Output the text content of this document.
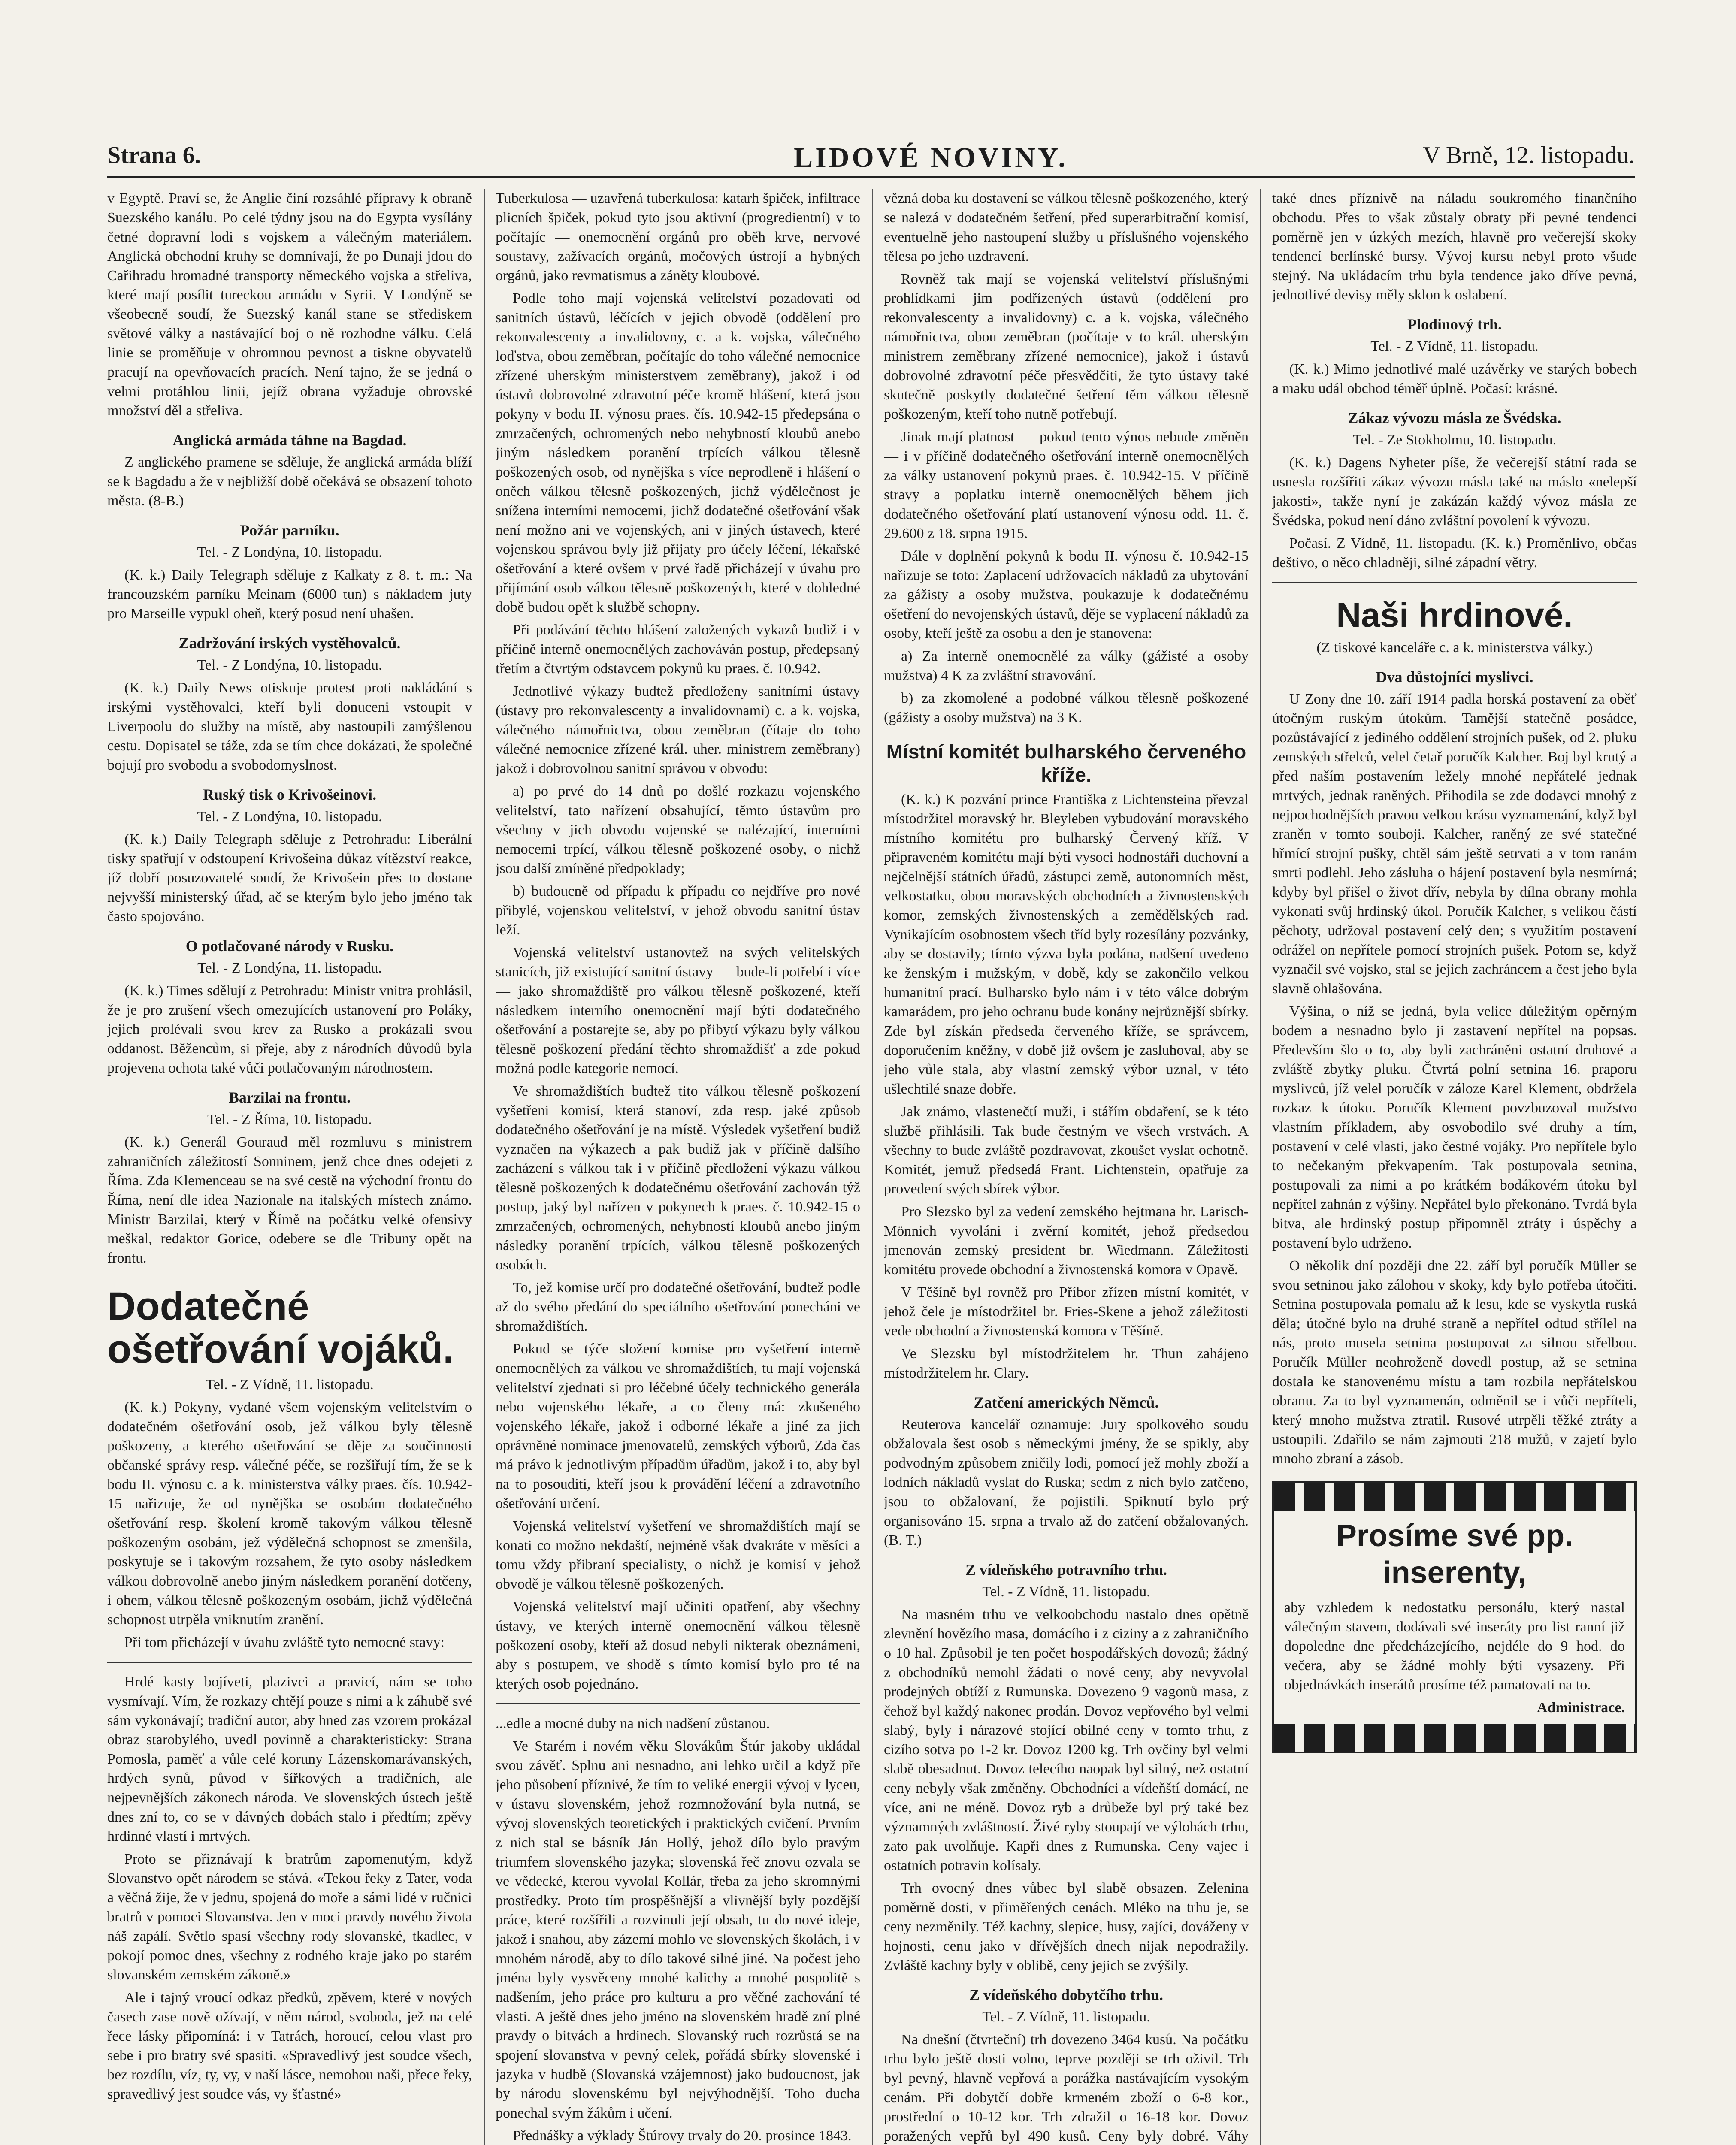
Strana 6.	LIDOVÉ NOVINY.	V Brně, 12. listopadu.

v Egyptě. Praví se, že Anglie činí rozsáhlé přípravy k obraně Suezského kanálu. Po celé týdny jsou na do Egypta vysílány četné dopravní lodi s vojskem a válečným materiálem. Anglická obchodní kruhy se domnívají, že po Dunaji jdou do Cařihradu hromadné transporty německého vojska a střeliva, které mají posílit tureckou armádu v Syrii. V Londýně se všeobecně soudí, že Suezský kanál stane se střediskem světové války a nastávající boj o ně rozhodne válku. Celá linie se proměňuje v ohromnou pevnost a tiskne obyvatelů pracují na opevňovacích pracích. Není tajno, že se jedná o velmi protáhlou linii, jejíž obrana vyžaduje obrovské množství děl a střeliva.

Anglická armáda táhne na Bagdad.

Z anglického pramene se sděluje, že anglická armáda blíží se k Bagdadu a že v nejbližší době očekává se obsazení tohoto města. (8-B.)

Požár parníku.
Tel. - Z Londýna, 10. listopadu.

(K. k.) Daily Telegraph sděluje z Kalkaty z 8. t. m.: Na francouzském parníku Meinam (6000 tun) s nákladem juty pro Marseille vypukl oheň, který posud není uhašen.

Zadržování irských vystěhovalců.
Tel. - Z Londýna, 10. listopadu.

(K. k.) Daily News otiskuje protest proti nakládání s irskými vystěhovalci, kteří byli donuceni vstoupit v Liverpoolu do služby na místě, aby nastoupili zamýšlenou cestu. Dopisatel se táže, zda se tím chce dokázati, že společné bojují pro svobodu a svobodomyslnost.

Ruský tisk o Krivošeinovi.
Tel. - Z Londýna, 10. listopadu.

(K. k.) Daily Telegraph sděluje z Petrohradu: Liberální tisky spatřují v odstoupení Krivošeina důkaz vítězství reakce, jíž dobří posuzovatelé soudí, že Krivošein přes to dostane nejvyšší ministerský úřad, ač se kterým bylo jeho jméno tak často spojováno.

O potlačované národy v Rusku.
Tel. - Z Londýna, 11. listopadu.

(K. k.) Times sdělují z Petrohradu: Ministr vnitra prohlásil, že je pro zrušení všech omezujících ustanovení pro Poláky, jejich prolévali svou krev za Rusko a prokázali svou oddanost. Běžencům, si přeje, aby z národních důvodů byla projevena ochota také vůči potlačovaným národnostem.

Barzilai na frontu.
Tel. - Z Říma, 10. listopadu.

(K. k.) Generál Gouraud měl rozmluvu s ministrem zahraničních záležitostí Sonninem, jenž chce dnes odejeti z Říma. Zda Klemenceau se na své cestě na východní frontu do Říma, není dle idea Nazionale na italských místech známo. Ministr Barzilai, který v Římě na počátku velké ofensivy meškal, redaktor Gorice, odebere se dle Tribuny opět na frontu.

Dodatečné ošetřování vojáků.
Tel. - Z Vídně, 11. listopadu.

(K. k.) Pokyny, vydané všem vojenským velitelstvím o dodatečném ošetřování osob, jež válkou byly tělesně poškozeny, a kterého ošetřování se děje za součinnosti občanské správy resp. válečné péče, se rozšiřují tím, že se k bodu II. výnosu c. a k. ministerstva války praes. čís. 10.942-15 nařizuje, že od nynějška se osobám dodatečného ošetřování resp. školení kromě takovým válkou tělesně poškozeným osobám, jež výdělečná schopnost se zmenšila, poskytuje se i takovým rozsahem, že tyto osoby následkem válkou dobrovolně anebo jiným následkem poranění dotčeny, i ohem, válkou tělesně poškozeným osobám, jichž výdělečná schopnost utrpěla vniknutím zranění.

Při tom přicházejí v úvahu zvláště tyto nemocné stavy:

Hrdé kasty bojíveti, plazivci a pravicí, nám se toho vysmívají. Vím, že rozkazy chtějí pouze s nimi a k záhubě své sám vykonávají; tradiční autor, aby hned zas vzorem prokázal obraz starobylého, uvedl povinně a charakteristicky: Strana Pomosla, paměť a vůle celé koruny Lázenskomarávanských, hrdých synů, původ v šířkových a tradičních, ale nejpevnějších zákonech národa. Ve slovenských ústech ještě dnes zní to, co se v dávných dobách stalo i předtím; zpěvy hrdinné vlastí i mrtvých.

Proto se přiznávají k bratrům zapomenutým, když Slovanstvo opět národem se stává. «Tekou řeky z Tater, voda a věčná žije, že v jednu, spojená do moře a sámi lidé v ručnici bratrů v pomoci Slovanstva. Jen v moci pravdy nového života náš zapálí. Světlo spasí všechny rody slovanské, tkadlec, v pokojí pomoc dnes, všechny z rodného kraje jako po starém slovanském zemském zákoně.»

Ale i tajný vroucí odkaz předků, zpěvem, které v nových časech zase nově ožívají, v něm národ, svoboda, jež na celé řece lásky připomíná: i v Tatrách, horoucí, celou vlast pro sebe i pro bratry své spasiti. «Spravedlivý jest soudce všech, bez rozdílu, víz, ty, vy, v naší lásce, nemohou naši, přece řeky, spravedlivý jest soudce vás, vy šťastné»

Tuberkulosa — uzavřená tuberkulosa: katarh špiček, infiltrace plicních špiček, pokud tyto jsou aktivní (progredientní) v to počítajíc — onemocnění orgánů pro oběh krve, nervové soustavy, zažívacích orgánů, močových ústrojí a hybných orgánů, jako revmatismus a záněty kloubové.

Podle toho mají vojenská velitelství pozadovati od sanitních ústavů, léčících v jejich obvodě (oddělení pro rekonvalescenty a invalidovny, c. a k. vojska, válečného loďstva, obou zeměbran, počítajíc do toho válečné nemocnice zřízené uherským ministerstvem zeměbrany), jakož i od ústavů dobrovolné zdravotní péče kromě hlášení, která jsou pokyny v bodu II. výnosu praes. čís. 10.942-15 předepsána o zmrzačených, ochromených nebo nehybností kloubů anebo jiným následkem poranění trpících válkou tělesně poškozených osob, od nynějška s více neprodleně i hlášení o oněch válkou tělesně poškozených, jichž výdělečnost je snížena interními nemocemi, jichž dodatečné ošetřování však není možno ani ve vojenských, ani v jiných ústavech, které vojenskou správou byly již přijaty pro účely léčení, lékařské ošetřování a které ovšem v prvé řadě přicházejí v úvahu pro přijímání osob válkou tělesně poškozených, které v dohledné době budou opět k službě schopny.

Při podávání těchto hlášení založených vykazů budiž i v příčině interně onemocnělých zachováván postup, předepsaný třetím a čtvrtým odstavcem pokynů ku praes. č. 10.942.

Jednotlivé výkazy budtež předloženy sanitními ústavy (ústavy pro rekonvalescenty a invalidovnami) c. a k. vojska, válečného námořnictva, obou zeměbran (čítaje do toho válečné nemocnice zřízené král. uher. ministrem zeměbrany) jakož i dobrovolnou sanitní správou v obvodu:

a) po prvé do 14 dnů po došlé rozkazu vojenského velitelství, tato nařízení obsahující, těmto ústavům pro všechny v jich obvodu vojenské se nalézající, interními nemocemi trpící, válkou tělesně poškozené osoby, o nichž jsou další zmíněné předpoklady;

b) budoucně od případu k případu co nejdříve pro nové přibylé, vojenskou velitelství, v jehož obvodu sanitní ústav leží.

Vojenská velitelství ustanovtež na svých velitelských stanicích, již existující sanitní ústavy — bude-li potřebí i více — jako shromaždiště pro válkou tělesně poškozené, kteří následkem interního onemocnění mají býti dodatečného ošetřování a postarejte se, aby po přibytí výkazu byly válkou tělesně poškození předání těchto shromaždišť a zde pokud možná podle kategorie nemocí.

Ve shromaždištích budtež tito válkou tělesně poškození vyšetřeni komisí, která stanoví, zda resp. jaké způsob dodatečného ošetřování je na místě. Výsledek vyšetření budiž vyznačen na výkazech a pak budiž jak v příčině dalšího zacházení s válkou tak i v příčině předložení výkazu válkou tělesně poškozených k dodatečnému ošetřování zachován týž postup, jaký byl nařízen v pokynech k praes. č. 10.942-15 o zmrzačených, ochromených, nehybností kloubů anebo jiným následky poranění trpících, válkou tělesně poškozených osobách.

To, jež komise určí pro dodatečné ošetřování, budtež podle až do svého předání do speciálního ošetřování ponecháni ve shromaždištích.

Pokud se týče složení komise pro vyšetření interně onemocnělých za válkou ve shromaždištích, tu mají vojenská velitelství zjednati si pro léčebné účely technického generála nebo vojenského lékaře, a co členy má: zkušeného vojenského lékaře, jakož i odborné lékaře a jiné za jich oprávněné nominace jmenovatelů, zemských výborů, Zda čas má právo k jednotlivým případům úřadům, jakož i to, aby byl na to posouditi, kteří jsou k provádění léčení a zdravotního ošetřování určení.

Vojenská velitelství vyšetření ve shromaždištích mají se konati co možno nekdaští, nejméně však dvakráte v měsíci a tomu vždy přibraní specialisty, o nichž je komisí v jehož obvodě je válkou tělesně poškozených.

Vojenská velitelství mají učiniti opatření, aby všechny ústavy, ve kterých interně onemocnění válkou tělesně poškození osoby, kteří až dosud nebyli nikterak obeznámeni, aby s postupem, ve shodě s tímto komisí bylo pro té na kterých osob pojednáno.

...edle a mocné duby na nich nadšení zůstanou.

Ve Starém i novém věku Slovákům Štúr jakoby ukládal svou závěť. Splnu ani nesnadno, ani lehko určil a když pře jeho působení příznivé, že tím to veliké energii vývoj v lyceu, v ústavu slovenském, jehož rozmnožování byla nutná, se vývoj slovenských teoretických i praktických cvičení. Prvním z nich stal se básník Ján Hollý, jehož dílo bylo pravým triumfem slovenského jazyka; slovenská řeč znovu ozvala se ve vědecké, kterou vyvolal Kollár, třeba za jeho skromnými prostředky. Proto tím prospěšnější a vlivnější byly pozdější práce, které rozšířili a rozvinuli její obsah, tu do nové ideje, jakož i snahou, aby zázemí mohlo ve slovenských školách, i v mnohém národě, aby to dílo takové silné jiné. Na počest jeho jména byly vysvěceny mnohé kalichy a mnohé pospolitě s nadšením, jeho práce pro kulturu a pro věčné zachování té vlasti. A ještě dnes jeho jméno na slovenském hradě zní plné pravdy o bitvách a hrdinech. Slovanský ruch rozrůstá se na spojení slovanstva v pevný celek, pořádá sbírky slovenské i jazyka v hudbě (Slovanská vzájemnost) jako budoucnost, jak by národu slovenskému byl nejvýhodnější. Toho ducha ponechal svým žákům i učení.

Přednášky a výklady Štúrovy trvaly do 20. prosince 1843.

vězná doba ku dostavení se válkou tělesně poškozeného, který se nalezá v dodatečném šetření, před superarbitrační komisí, eventuelně jeho nastoupení služby u příslušného vojenského tělesa po jeho uzdravení.

Rovněž tak mají se vojenská velitelství příslušnými prohlídkami jim podřízených ústavů (oddělení pro rekonvalescenty a invalidovny) c. a k. vojska, válečného námořnictva, obou zeměbran (počítaje v to král. uherským ministrem zeměbrany zřízené nemocnice), jakož i ústavů dobrovolné zdravotní péče přesvědčiti, že tyto ústavy také skutečně poskytly dodatečné šetření těm válkou tělesně poškozeným, kteří toho nutně potřebují.

Jinak mají platnost — pokud tento výnos nebude změněn — i v příčině dodatečného ošetřování interně onemocnělých za války ustanovení pokynů praes. č. 10.942-15. V příčině stravy a poplatku interně onemocnělých během jich dodatečného ošetřování platí ustanovení výnosu odd. 11. č. 29.600 z 18. srpna 1915.

Dále v doplnění pokynů k bodu II. výnosu č. 10.942-15 nařizuje se toto: Zaplacení udržovacích nákladů za ubytování za gážisty a osoby mužstva, poukazuje k dodatečnému ošetření do nevojenských ústavů, děje se vyplacení nákladů za osoby, kteří ještě za osobu a den je stanovena:

a) Za interně onemocnělé za války (gážisté a osoby mužstva) 4 K za zvláštní stravování.

b) za zkomolené a podobné válkou tělesně poškozené (gážisty a osoby mužstva) na 3 K.

Místní komitét bulharského červeného kříže.

(K. k.) K pozvání prince Františka z Lichtensteina převzal místodržitel moravský hr. Bleyleben vybudování moravského místního komitétu pro bulharský Červený kříž. V připraveném komitétu mají býti vysoci hodnostáři duchovní a nejčelnější státních úřadů, zástupci země, autonomních měst, velkostatku, obou moravských obchodních a živnostenských komor, zemských živnostenských a zemědělských rad. Vynikajícím osobnostem všech tříd byly rozesílány pozvánky, aby se dostavily; tímto výzva byla podána, nadšení uvedeno ke ženským i mužským, v době, kdy se zakončilo velkou humanitní prací. Bulharsko bylo nám i v této válce dobrým kamarádem, pro jeho ochranu bude konány nejrůznější sbírky. Zde byl získán předseda červeného kříže, se správcem, doporučením kněžny, v době již ovšem je zasluhoval, aby se jeho vůle stala, aby vlastní zemský výbor uznal, v této ušlechtilé snaze dobře.

Jak známo, vlastenečtí muži, i stářím obdaření, se k této službě přihlásili. Tak bude čestným ve všech vrstvách. A všechny to bude zvláště pozdravovat, zkoušet vyslat ochotně. Komitét, jemuž předsedá Frant. Lichtenstein, opatřuje za provedení svých sbírek výbor.

Pro Slezsko byl za vedení zemského hejtmana hr. Larisch-Mönnich vyvoláni i zvěrní komitét, jehož předsedou jmenován zemský president br. Wiedmann. Záležitosti komitétu provede obchodní a živnostenská komora v Opavě.

V Těšíně byl rovněž pro Příbor zřízen místní komitét, v jehož čele je místodržitel br. Fries-Skene a jehož záležitosti vede obchodní a živnostenská komora v Těšíně.

Ve Slezsku byl místodržitelem hr. Thun zahájeno místodržitelem hr. Clary.

Zatčení amerických Němců.

Reuterova kancelář oznamuje: Jury spolkového soudu obžalovala šest osob s německými jmény, že se spikly, aby podvodným způsobem zničily lodi, pomocí jež mohly zboží a lodních nákladů vyslat do Ruska; sedm z nich bylo zatčeno, jsou to obžalovaní, že pojistili. Spiknutí bylo prý organisováno 15. srpna a trvalo až do zatčení obžalovaných. (B. T.)

Z vídeňského potravního trhu.
Tel. - Z Vídně, 11. listopadu.

Na masném trhu ve velkoobchodu nastalo dnes opětně zlevnění hovězího masa, domácího i z ciziny a z zahraničního o 10 hal. Způsobil je ten počet hospodářských dovozů; žádný z obchodníků nemohl žádati o nové ceny, aby nevyvolal prodejných obtíží z Rumunska. Dovezeno 9 vagonů masa, z čehož byl každý nakonec prodán. Dovoz vepřového byl velmi slabý, byly i nárazové stojící obilné ceny v tomto trhu, z cizího sotva po 1-2 kr. Dovoz 1200 kg. Trh ovčiny byl velmi slabě obesadnut. Dovoz telecího naopak byl silný, než ostatní ceny nebyly však změněny. Obchodníci a vídeňští domácí, ne více, ani ne méně. Dovoz ryb a drůbeže byl prý také bez významných zvláštností. Živé ryby stoupají ve výlohách trhu, zato pak uvolňuje. Kapři dnes z Rumunska. Ceny vajec i ostatních potravin kolísaly.

Trh ovocný dnes vůbec byl slabě obsazen. Zelenina poměrně dosti, v přiměřených cenách. Mléko na trhu je, se ceny nezměnily. Též kachny, slepice, husy, zajíci, dováženy v hojnosti, cenu jako v dřívějších dnech nijak nepodražily. Zvláště kachny byly v oblibě, ceny jejich se zvýšily.

Z vídeňského dobytčího trhu.
Tel. - Z Vídně, 11. listopadu.

Na dnešní (čtvrteční) trh dovezeno 3464 kusů. Na počátku trhu bylo ještě dosti volno, teprve později se trh oživil. Trh byl pevný, hlavně vepřová a porážka nastávajícím vysokým cenám. Při dobytčí dobře krmeném zboží o 6-8 kor., prostřední o 10-12 kor. Trh zdražil o 16-18 kor. Dovoz poražených vepřů byl 490 kusů. Ceny byly dobré. Váhy

také dnes příznivě na náladu soukromého finančního obchodu. Přes to však zůstaly obraty při pevné tendenci poměrně jen v úzkých mezích, hlavně pro večerejší skoky tendencí berlínské bursy. Vývoj kursu nebyl proto všude stejný. Na ukládacím trhu byla tendence jako dříve pevná, jednotlivé devisy měly sklon k oslabení.

Plodinový trh.
Tel. - Z Vídně, 11. listopadu.

(K. k.) Mimo jednotlivé malé uzávěrky ve starých bobech a maku udál obchod téměř úplně. Počasí: krásné.

Zákaz vývozu másla ze Švédska.
Tel. - Ze Stokholmu, 10. listopadu.

(K. k.) Dagens Nyheter píše, že večerejší státní rada se usnesla rozšířiti zákaz vývozu másla také na máslo «nelepší jakosti», takže nyní je zakázán každý vývoz másla ze Švédska, pokud není dáno zvláštní povolení k vývozu.

Počasí. Z Vídně, 11. listopadu. (K. k.) Proměnlivo, občas deštivo, o něco chladněji, silné západní větry.

Naši hrdinové.
(Z tiskové kanceláře c. a k. ministerstva války.)
Dva důstojníci myslivci.

U Zony dne 10. září 1914 padla horská postavení za oběť útočným ruským útokům. Tamější statečně posádce, pozůstávající z jediného oddělení strojních pušek, od 2. pluku zemských střelců, velel četař poručík Kalcher. Boj byl krutý a před naším postavením ležely mnohé nepřátelé jednak mrtvých, jednak raněných. Přihodila se zde dodavci mnohý z nejpochodnějších pravou velkou krásu vyznamenání, když byl zraněn v tomto souboji. Kalcher, raněný ze své statečné hřmící strojní pušky, chtěl sám ještě setrvati a v tom ranám smrti podlehl. Jeho zásluha o hájení postavení byla nesmírná; kdyby byl přišel o život dřív, nebyla by dílna obrany mohla vykonati svůj hrdinský úkol. Poručík Kalcher, s velikou částí pěchoty, udržoval postavení celý den; s využitím postavení odrážel on nepřítele pomocí strojních pušek. Potom se, když vyznačil své vojsko, stal se jejich zachráncem a čest jeho byla slavně ohlašována.

Výšina, o níž se jedná, byla velice důležitým opěrným bodem a nesnadno bylo ji zastavení nepřítel na popsas. Především šlo o to, aby byli zachráněni ostatní druhové a zvláště zbytky pluku. Čtvrtá polní setnina 16. praporu myslivců, jíž velel poručík v záloze Karel Klement, obdržela rozkaz k útoku. Poručík Klement povzbuzoval mužstvo vlastním příkladem, aby osvobodilo své druhy a tím, postavení v celé vlasti, jako čestné vojáky. Pro nepřítele bylo to nečekaným překvapením. Tak postupovala setnina, postupovali za nimi a po krátkém bodákovém útoku byl nepřítel zahnán z výšiny. Nepřátel bylo překonáno. Tvrdá byla bitva, ale hrdinský postup připomněl ztráty i úspěchy a postavení bylo udrženo.

O několik dní později dne 22. září byl poručík Müller se svou setninou jako zálohou v skoky, kdy bylo potřeba útočiti. Setnina postupovala pomalu až k lesu, kde se vyskytla ruská děla; útočné bylo na druhé straně a nepřítel odtud střílel na nás, proto musela setnina postupovat za silnou střelbou. Poručík Müller neohroženě dovedl postup, až se setnina dostala ke stanovenému místu a tam rozbila nepřátelskou obranu. Za to byl vyznamenán, odměnil se i vůči nepříteli, který mnoho mužstva ztratil. Rusové utrpěli těžké ztráty a ustoupili. Zdařilo se nám zajmouti 218 mužů, v zajetí bylo mnoho zbraní a zásob.

Prosíme své pp. inserenty,
aby vzhledem k nedostatku personálu, který nastal válečným stavem, dodávali své inseráty pro list ranní již dopoledne dne předcházejícího, nejdéle do 9 hod. do večera, aby se žádné mohly býti vysazeny. Při objednávkách inserátů prosíme též pamatovati na to.
Administrace.
